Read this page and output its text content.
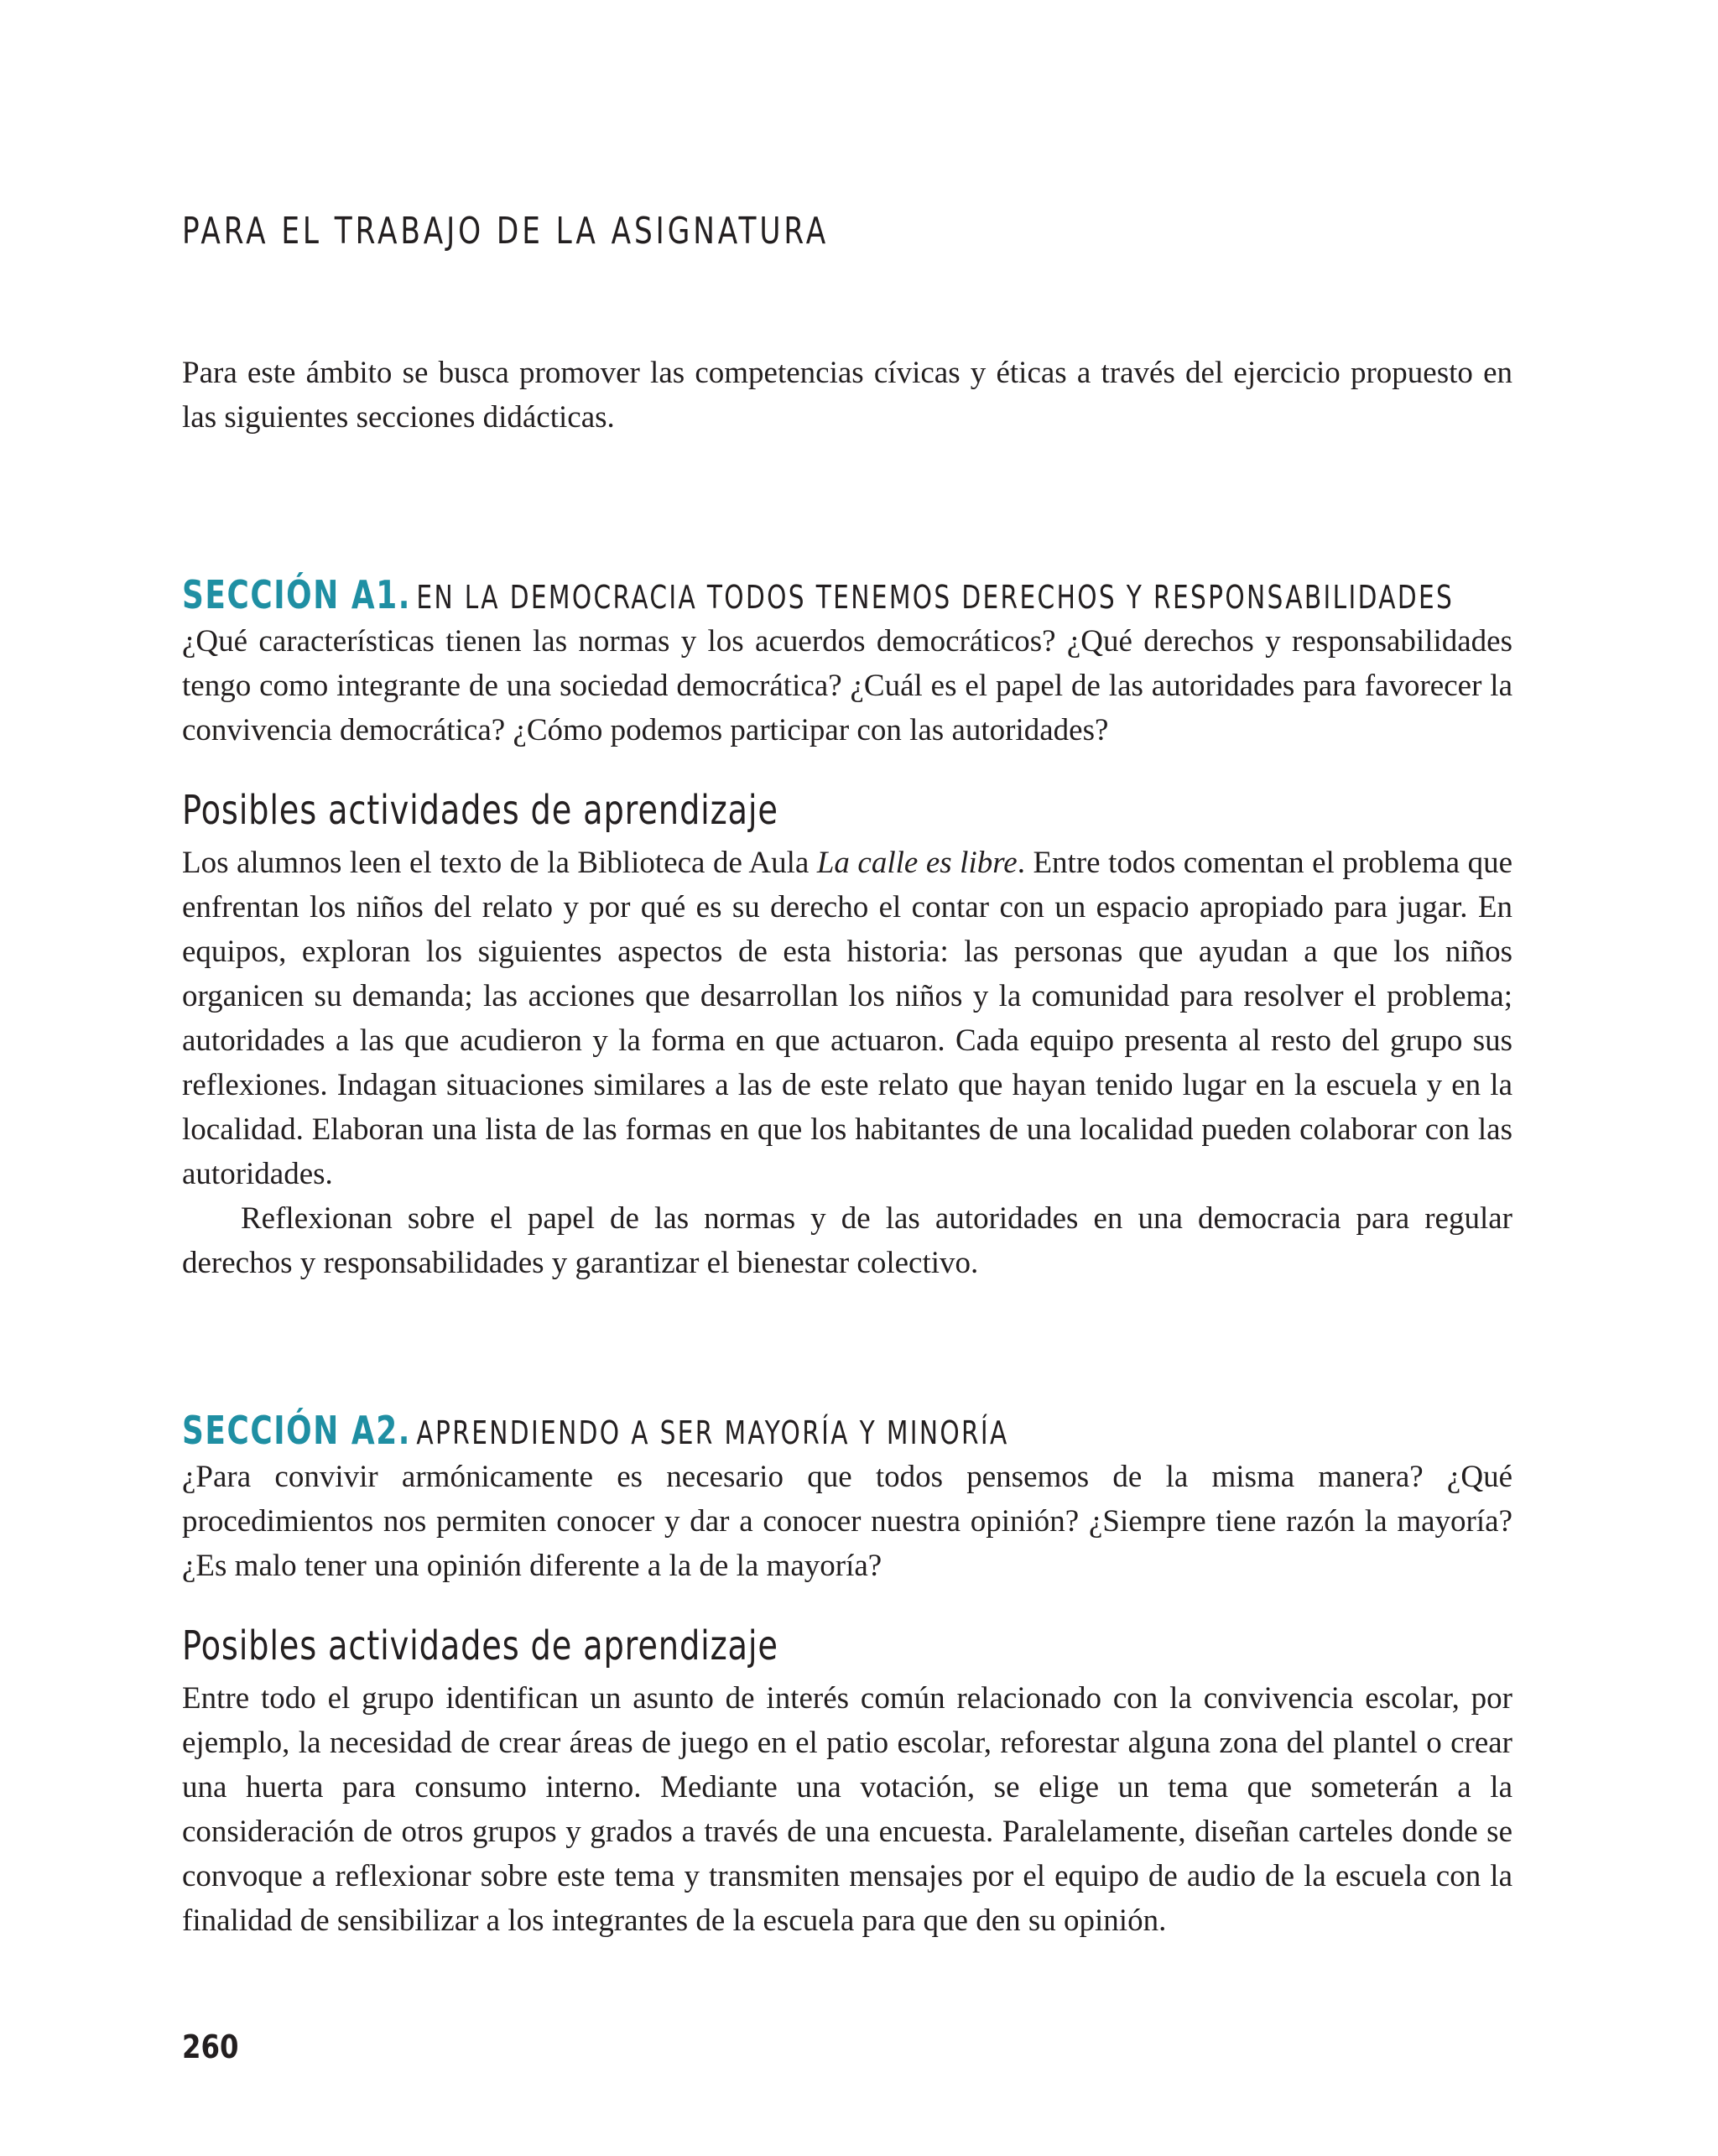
PARA EL TRABAJO DE LA ASIGNATURA

Para este ámbito se busca promover las competencias cívicas y éticas a través del ejercicio propuesto en las siguientes secciones didácticas.

SECCIÓN A1. EN LA DEMOCRACIA TODOS TENEMOS DERECHOS Y RESPONSABILIDADES

¿Qué características tienen las normas y los acuerdos democráticos? ¿Qué derechos y responsabilidades tengo como integrante de una sociedad democrática? ¿Cuál es el papel de las autoridades para favorecer la convivencia democrática? ¿Cómo podemos participar con las autoridades?

Posibles actividades de aprendizaje

Los alumnos leen el texto de la Biblioteca de Aula La calle es libre. Entre todos comentan el problema que enfrentan los niños del relato y por qué es su derecho el contar con un espacio apropiado para jugar. En equipos, exploran los siguientes aspectos de esta historia: las personas que ayudan a que los niños organicen su demanda; las acciones que desarrollan los niños y la comunidad para resolver el problema; autoridades a las que acudieron y la forma en que actuaron. Cada equipo presenta al resto del grupo sus reflexiones. Indagan situaciones similares a las de este relato que hayan tenido lugar en la escuela y en la localidad. Elaboran una lista de las formas en que los habitantes de una localidad pueden colaborar con las autoridades.

Reflexionan sobre el papel de las normas y de las autoridades en una democracia para regular derechos y responsabilidades y garantizar el bienestar colectivo.

SECCIÓN A2. APRENDIENDO A SER MAYORÍA Y MINORÍA

¿Para convivir armónicamente es necesario que todos pensemos de la misma manera? ¿Qué procedimientos nos permiten conocer y dar a conocer nuestra opinión? ¿Siempre tiene razón la mayoría? ¿Es malo tener una opinión diferente a la de la mayoría?

Posibles actividades de aprendizaje

Entre todo el grupo identifican un asunto de interés común relacionado con la convivencia escolar, por ejemplo, la necesidad de crear áreas de juego en el patio escolar, reforestar alguna zona del plantel o crear una huerta para consumo interno. Mediante una votación, se elige un tema que someterán a la consideración de otros grupos y grados a través de una encuesta. Paralelamente, diseñan carteles donde se convoque a reflexionar sobre este tema y transmiten mensajes por el equipo de audio de la escuela con la finalidad de sensibilizar a los integrantes de la escuela para que den su opinión.

260
